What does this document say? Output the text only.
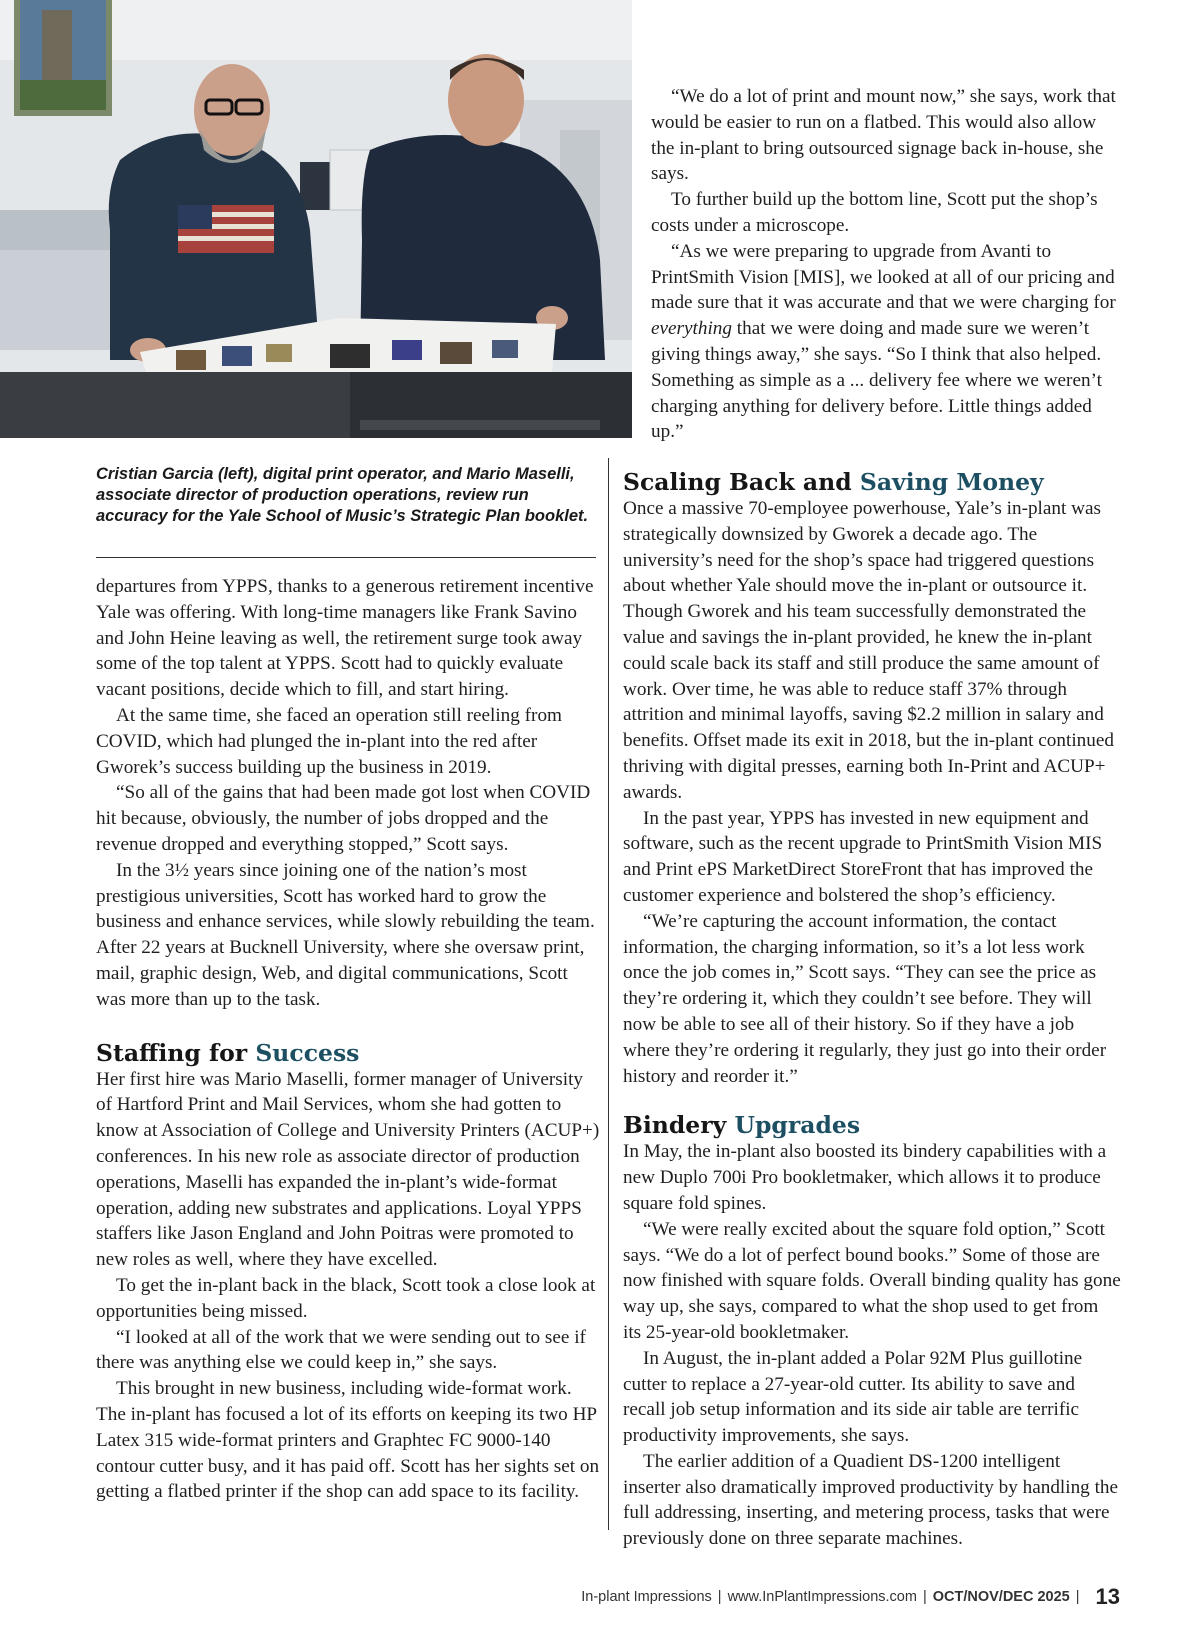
Cristian Garcia (left), digital print operator, and Mario Maselli, associate director of production operations, review run accuracy for the Yale School of Music’s Strategic Plan booklet.

“We do a lot of print and mount now,” she says, work that would be easier to run on a flatbed. This would also allow the in-plant to bring outsourced signage back in-house, she says.

To further build up the bottom line, Scott put the shop’s costs under a microscope.

“As we were preparing to upgrade from Avanti to PrintSmith Vision [MIS], we looked at all of our pricing and made sure that it was accurate and that we were charging for everything that we were doing and made sure we weren’t giving things away,” she says. “So I think that also helped. Something as simple as a ... delivery fee where we weren’t charging anything for delivery before. Little things added up.”

departures from YPPS, thanks to a generous retirement incentive Yale was offering. With long-time managers like Frank Savino and John Heine leaving as well, the retirement surge took away some of the top talent at YPPS. Scott had to quickly evaluate vacant positions, decide which to fill, and start hiring.

At the same time, she faced an operation still reeling from COVID, which had plunged the in-plant into the red after Gworek’s success building up the business in 2019.

“So all of the gains that had been made got lost when COVID hit because, obviously, the number of jobs dropped and the revenue dropped and everything stopped,” Scott says.

In the 3½ years since joining one of the nation’s most prestigious universities, Scott has worked hard to grow the business and enhance services, while slowly rebuilding the team. After 22 years at Bucknell University, where she oversaw print, mail, graphic design, Web, and digital communications, Scott was more than up to the task.

Staffing for Success

Her first hire was Mario Maselli, former manager of University of Hartford Print and Mail Services, whom she had gotten to know at Association of College and University Printers (ACUP+) conferences. In his new role as associate director of production operations, Maselli has expanded the in-plant’s wide-format operation, adding new substrates and applications. Loyal YPPS staffers like Jason England and John Poitras were promoted to new roles as well, where they have excelled.

To get the in-plant back in the black, Scott took a close look at opportunities being missed.

“I looked at all of the work that we were sending out to see if there was anything else we could keep in,” she says.

This brought in new business, including wide-format work. The in-plant has focused a lot of its efforts on keeping its two HP Latex 315 wide-format printers and Graphtec FC 9000-140 contour cutter busy, and it has paid off. Scott has her sights set on getting a flatbed printer if the shop can add space to its facility.

Scaling Back and Saving Money

Once a massive 70-employee powerhouse, Yale’s in-plant was strategically downsized by Gworek a decade ago. The university’s need for the shop’s space had triggered questions about whether Yale should move the in-plant or outsource it. Though Gworek and his team successfully demonstrated the value and savings the in-plant provided, he knew the in-plant could scale back its staff and still produce the same amount of work. Over time, he was able to reduce staff 37% through attrition and minimal layoffs, saving $2.2 million in salary and benefits. Offset made its exit in 2018, but the in-plant continued thriving with digital presses, earning both In-Print and ACUP+ awards.

In the past year, YPPS has invested in new equipment and software, such as the recent upgrade to PrintSmith Vision MIS and Print ePS MarketDirect StoreFront that has improved the customer experience and bolstered the shop’s efficiency.

“We’re capturing the account information, the contact information, the charging information, so it’s a lot less work once the job comes in,” Scott says. “They can see the price as they’re ordering it, which they couldn’t see before. They will now be able to see all of their history. So if they have a job where they’re ordering it regularly, they just go into their order history and reorder it.”

Bindery Upgrades

In May, the in-plant also boosted its bindery capabilities with a new Duplo 700i Pro bookletmaker, which allows it to produce square fold spines.

“We were really excited about the square fold option,” Scott says. “We do a lot of perfect bound books.” Some of those are now finished with square folds. Overall binding quality has gone way up, she says, compared to what the shop used to get from its 25-year-old bookletmaker.

In August, the in-plant added a Polar 92M Plus guillotine cutter to replace a 27-year-old cutter. Its ability to save and recall job setup information and its side air table are terrific productivity improvements, she says.

The earlier addition of a Quadient DS-1200 intelligent inserter also dramatically improved productivity by handling the full addressing, inserting, and metering process, tasks that were previously done on three separate machines.

In-plant Impressions | www.InPlantImpressions.com | OCT/NOV/DEC 2025 | 13
